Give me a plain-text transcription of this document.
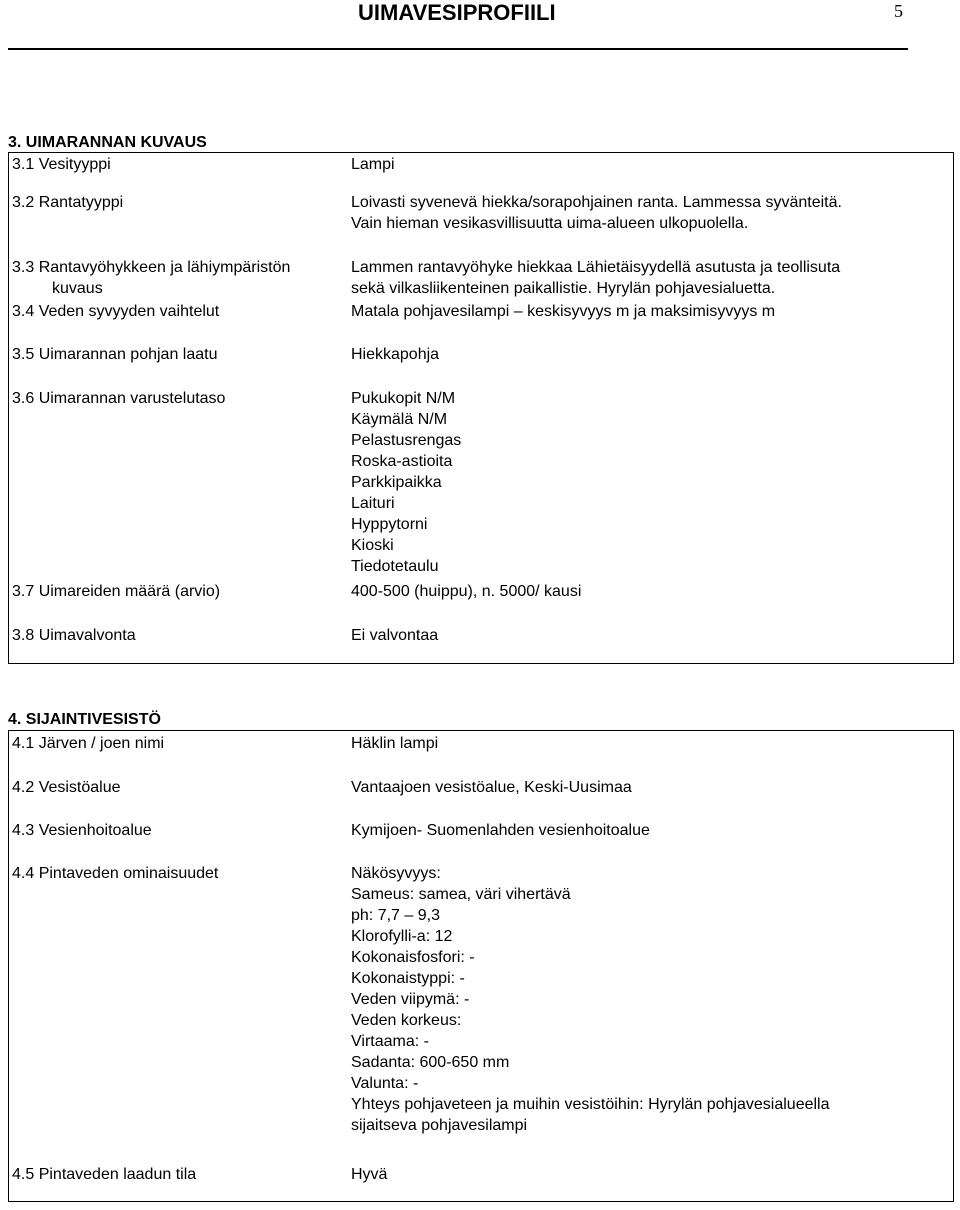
UIMAVESIPROFIILI	5
3. UIMARANNAN KUVAUS
3.1 Vesityyppi	Lampi
3.2 Rantatyyppi	Loivasti syvenevä hiekka/sorapohjainen ranta. Lammessa syvänteitä.
Vain hieman vesikasvillisuutta uima-alueen ulkopuolella.
3.3 Rantavyöhykkeen ja lähiympäristön
kuvaus
Lammen rantavyöhyke hiekkaa Lähietäisyydellä asutusta ja teollisuta
sekä vilkasliikenteinen paikallistie. Hyrylän pohjavesialuetta.
3.4 Veden syvyyden vaihtelut	Matala pohjavesilampi – keskisyvyys m ja maksimisyvyys m
3.5 Uimarannan pohjan laatu	Hiekkapohja
3.6 Uimarannan varustelutaso	Pukukopit N/M
Käymälä N/M
Pelastusrengas
Roska-astioita
Parkkipaikka
Laituri
Hyppytorni
Kioski
Tiedotetaulu
3.7 Uimareiden määrä (arvio)	400-500 (huippu), n. 5000/ kausi
3.8 Uimavalvonta	Ei valvontaa
4. SIJAINTIVESISTÖ
4.1 Järven / joen nimi	Häklin lampi
4.2 Vesistöalue	Vantaajoen vesistöalue, Keski-Uusimaa
4.3 Vesienhoitoalue	Kymijoen- Suomenlahden vesienhoitoalue
4.4 Pintaveden ominaisuudet	Näkösyvyys:
Sameus: samea, väri vihertävä
ph: 7,7 – 9,3
Klorofylli-a: 12
Kokonaisfosfori: -
Kokonaistyppi: -
Veden viipymä: -
Veden korkeus:
Virtaama: -
Sadanta: 600-650 mm
Valunta: -
Yhteys pohjaveteen ja muihin vesistöihin: Hyrylän pohjavesialueella
sijaitseva pohjavesilampi
4.5 Pintaveden laadun tila	Hyvä
